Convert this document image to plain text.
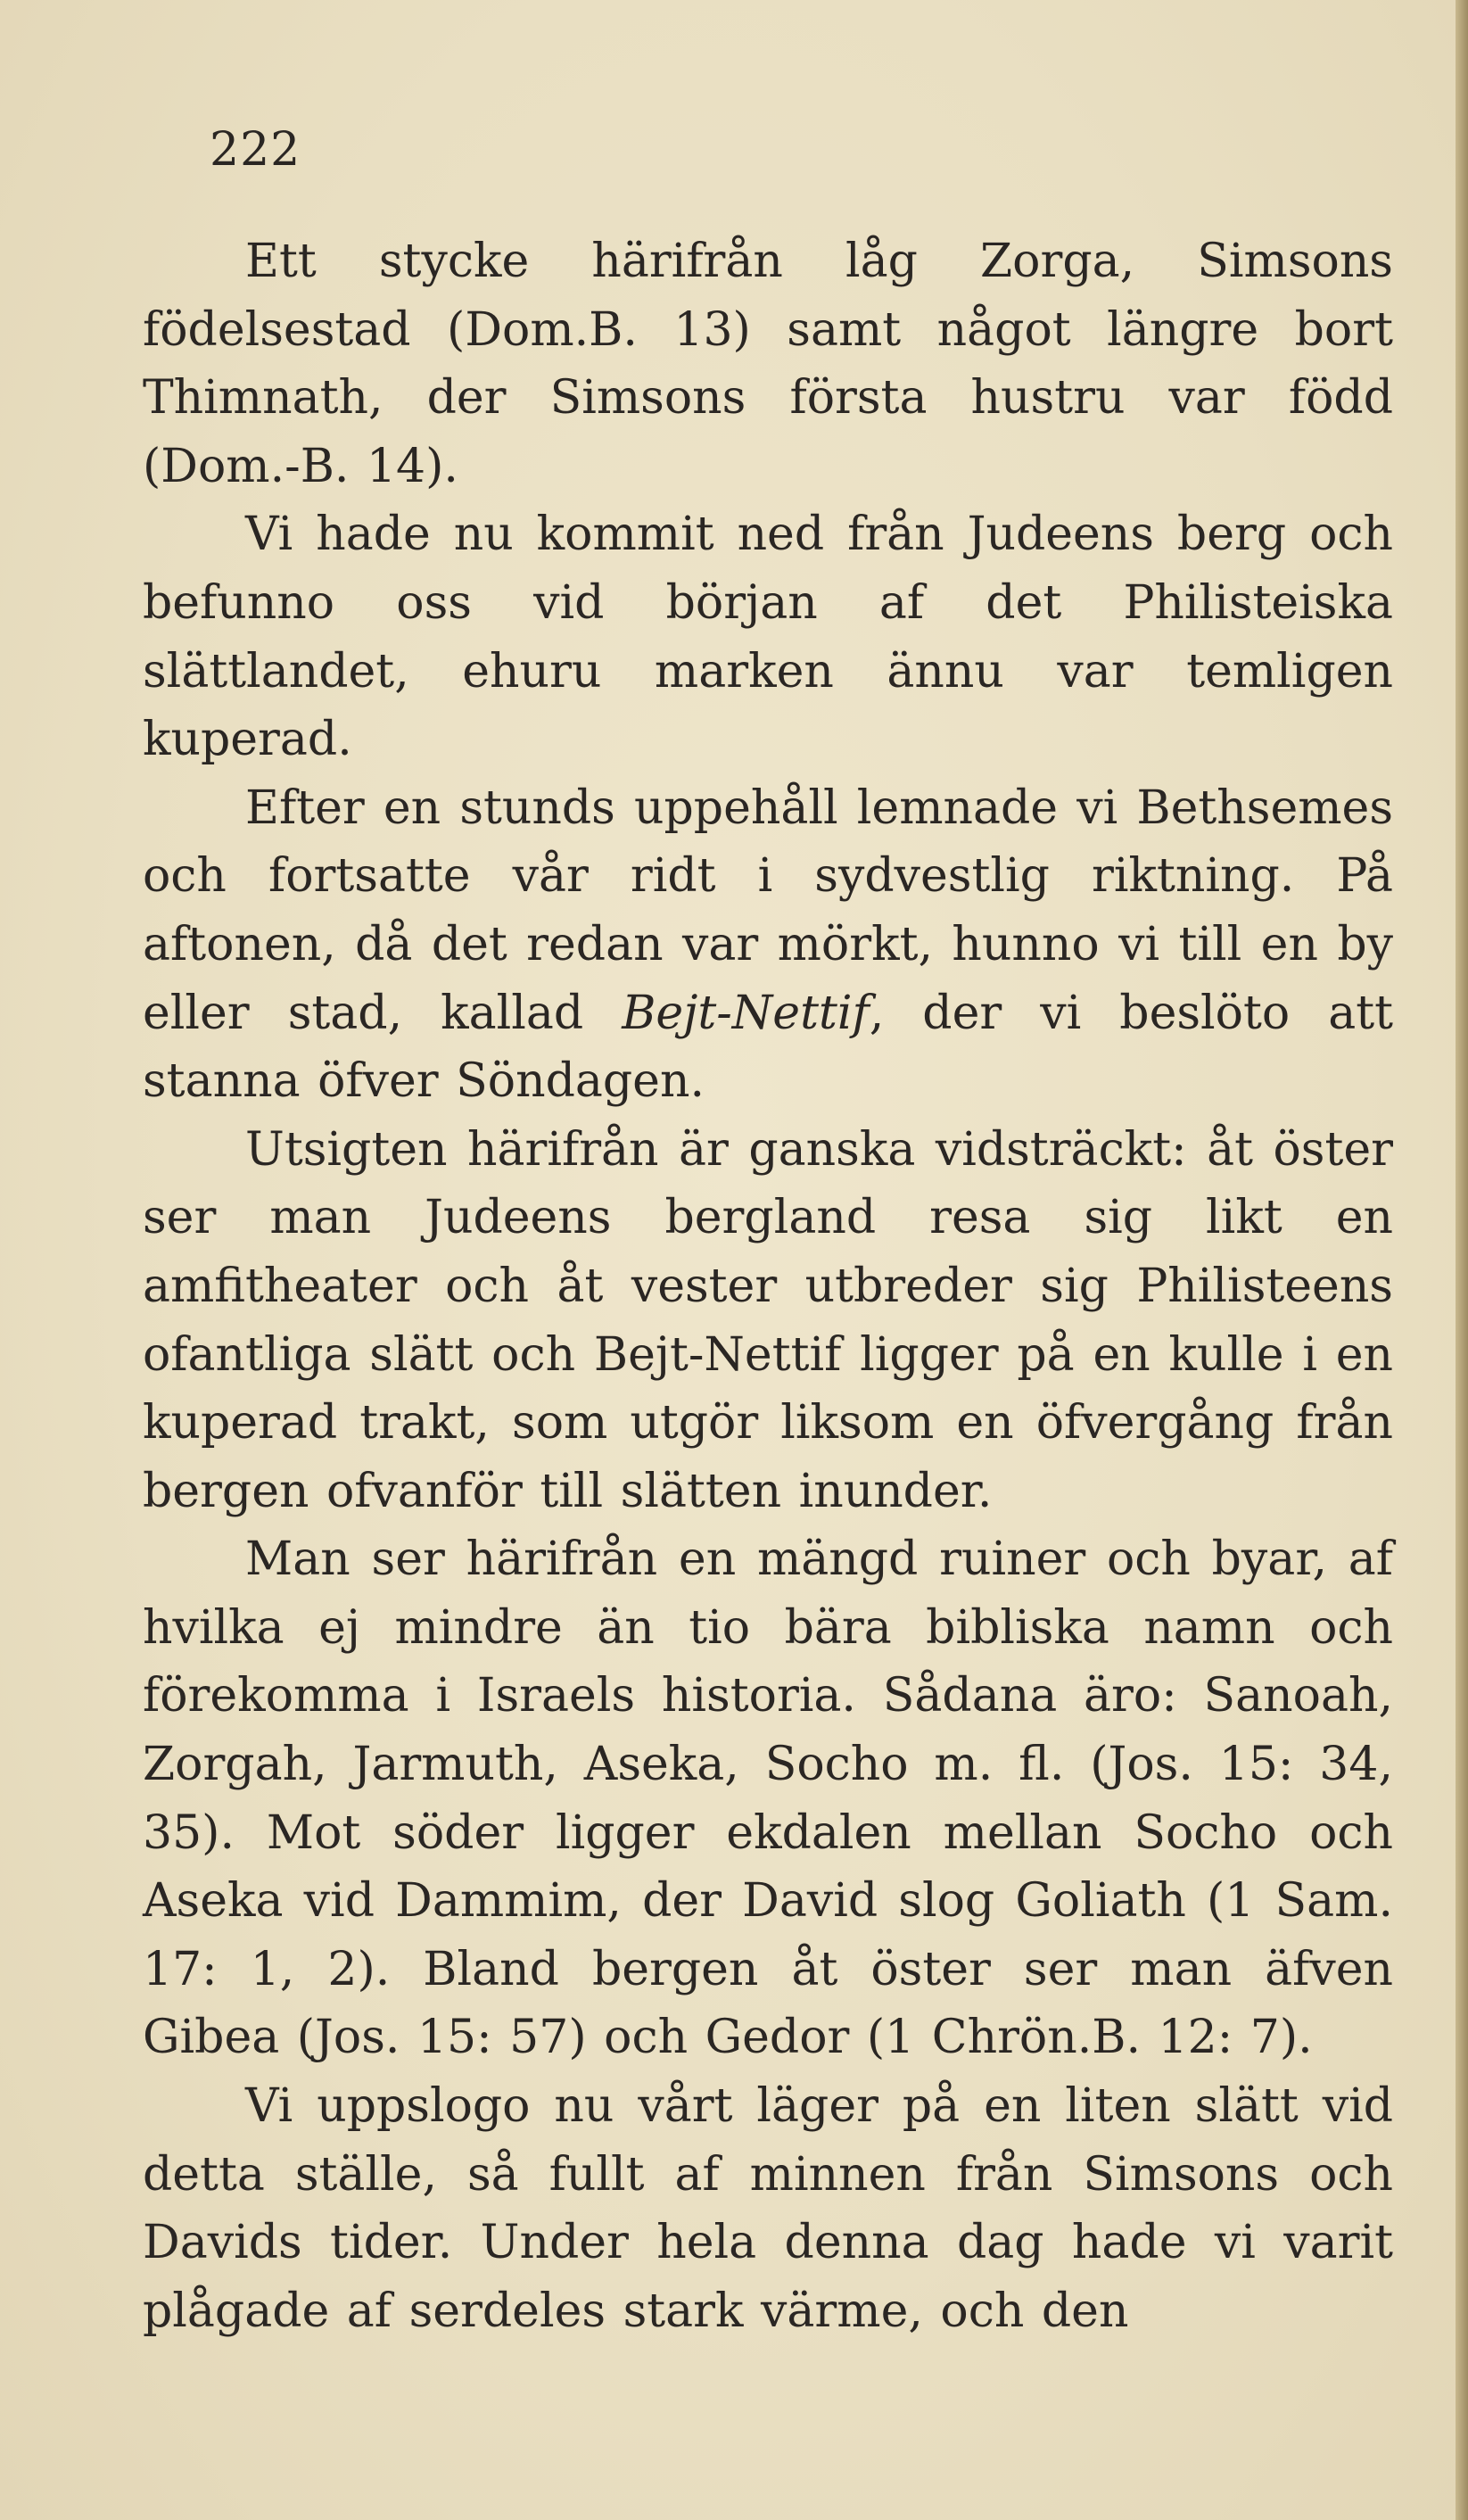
222

Ett stycke härifrån låg Zorga, Simsons födelsestad (Dom.B. 13) samt något längre bort Thimnath, der Simsons första hustru var född (Dom.-B. 14).

Vi hade nu kommit ned från Judeens berg och befunno oss vid början af det Philisteiska slättlandet, ehuru marken ännu var temligen kuperad.

Efter en stunds uppehåll lemnade vi Bethsemes och fortsatte vår ridt i sydvestlig riktning. På aftonen, då det redan var mörkt, hunno vi till en by eller stad, kallad Bejt-Nettif, der vi beslöto att stanna öfver Söndagen.

Utsigten härifrån är ganska vidsträckt: åt öster ser man Judeens bergland resa sig likt en amfitheater och åt vester utbreder sig Philisteens ofantliga slätt och Bejt-Nettif ligger på en kulle i en kuperad trakt, som utgör liksom en öfvergång från bergen ofvanför till slätten inunder.

Man ser härifrån en mängd ruiner och byar, af hvilka ej mindre än tio bära bibliska namn och förekomma i Israels historia. Sådana äro: Sanoah, Zorgah, Jarmuth, Aseka, Socho m. fl. (Jos. 15: 34, 35). Mot söder ligger ekdalen mellan Socho och Aseka vid Dammim, der David slog Goliath (1 Sam. 17: 1, 2). Bland bergen åt öster ser man äfven Gibea (Jos. 15: 57) och Gedor (1 Chrön.B. 12: 7).

Vi uppslogo nu vårt läger på en liten slätt vid detta ställe, så fullt af minnen från Simsons och Davids tider. Under hela denna dag hade vi varit plågade af serdeles stark värme, och den
